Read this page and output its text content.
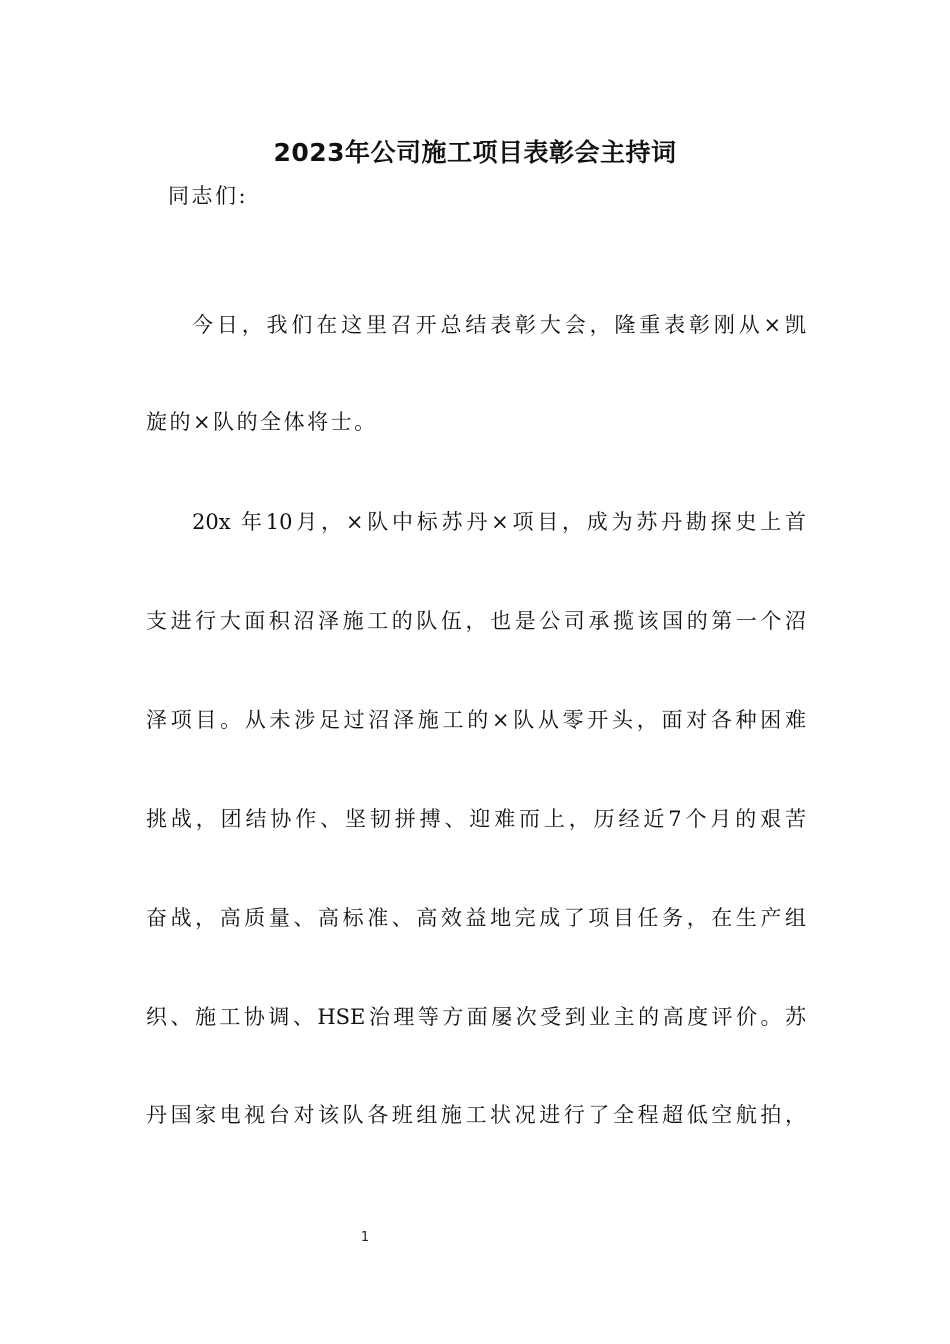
2023年公司施工项目表彰会主持词
同志们:
今日，我们在这里召开总结表彰大会，隆重表彰刚从×凯
旋的×队的全体将士。
20x 年10月，×队中标苏丹×项目，成为苏丹勘探史上首
支进行大面积沼泽施工的队伍，也是公司承揽该国的第一个沼
泽项目。从未涉足过沼泽施工的×队从零开头，面对各种困难
挑战，团结协作、坚韧拼搏、迎难而上，历经近7个月的艰苦
奋战，高质量、高标准、高效益地完成了项目任务，在生产组
织、施工协调、HSE治理等方面屡次受到业主的高度评价。苏
丹国家电视台对该队各班组施工状况进行了全程超低空航拍，
1
